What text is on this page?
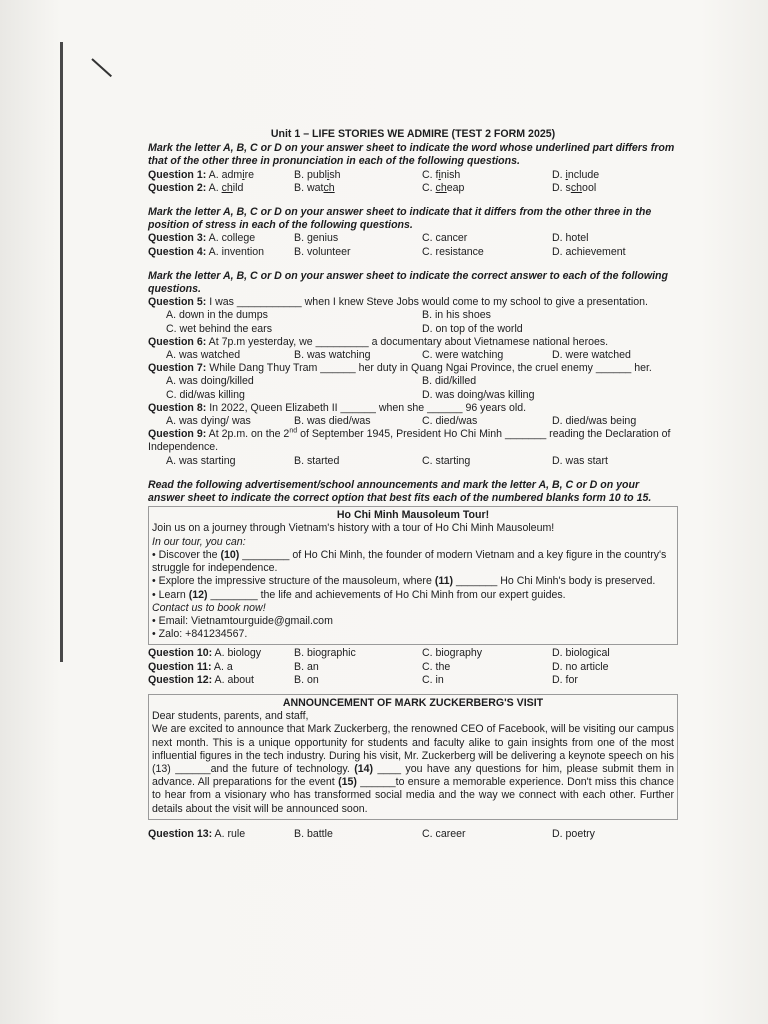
Unit 1 – LIFE STORIES WE ADMIRE (TEST 2 FORM 2025)
Mark the letter A, B, C or D on your answer sheet to indicate the word whose underlined part differs from that of the other three in pronunciation in each of the following questions.
Question 1: A. admire	B. publish	C. finish	D. include
Question 2: A. child	B. watch	C. cheap	D. school
Mark the letter A, B, C or D on your answer sheet to indicate that it differs from the other three in the position of stress in each of the following questions.
Question 3: A. college	B. genius	C. cancer	D. hotel
Question 4: A. invention	B. volunteer	C. resistance	D. achievement
Mark the letter A, B, C or D on your answer sheet to indicate the correct answer to each of the following questions.
Question 5: I was ___________ when I knew Steve Jobs would come to my school to give a presentation.
A. down in the dumps	B. in his shoes
C. wet behind the ears	D. on top of the world
Question 6: At 7p.m yesterday, we _________ a documentary about Vietnamese national heroes.
A. was watched	B. was watching	C. were watching	D. were watched
Question 7: While Dang Thuy Tram ______ her duty in Quang Ngai Province, the cruel enemy ______ her.
A. was doing/killed	B. did/killed
C. did/was killing	D. was doing/was killing
Question 8: In 2022, Queen Elizabeth II ______ when she ______ 96 years old.
A. was dying/ was	B. was died/was	C. died/was	D. died/was being
Question 9: At 2p.m. on the 2nd of September 1945, President Ho Chi Minh _______ reading the Declaration of Independence.
A. was starting	B. started	C. starting	D. was start
Read the following advertisement/school announcements and mark the letter A, B, C or D on your answer sheet to indicate the correct option that best fits each of the numbered blanks form 10 to 15.
Ho Chi Minh Mausoleum Tour!
Join us on a journey through Vietnam's history with a tour of Ho Chi Minh Mausoleum!
In our tour, you can:
• Discover the (10) ________ of Ho Chi Minh, the founder of modern Vietnam and a key figure in the country's struggle for independence.
• Explore the impressive structure of the mausoleum, where (11) _______ Ho Chi Minh's body is preserved.
• Learn (12) ________ the life and achievements of Ho Chi Minh from our expert guides.
Contact us to book now!
• Email: Vietnamtourguide@gmail.com
• Zalo: +841234567.
Question 10: A. biology	B. biographic	C. biography	D. biological
Question 11: A. a	B. an	C. the	D. no article
Question 12: A. about	B. on	C. in	D. for
ANNOUNCEMENT OF MARK ZUCKERBERG'S VISIT
Dear students, parents, and staff,
We are excited to announce that Mark Zuckerberg, the renowned CEO of Facebook, will be visiting our campus next month. This is a unique opportunity for students and faculty alike to gain insights from one of the most influential figures in the tech industry. During his visit, Mr. Zuckerberg will be delivering a keynote speech on his (13) ______and the future of technology. (14) ____ you have any questions for him, please submit them in advance. All preparations for the event (15) ______to ensure a memorable experience. Don't miss this chance to hear from a visionary who has transformed social media and the way we connect with each other. Further details about the visit will be announced soon.
Question 13: A. rule	B. battle	C. career	D. poetry
